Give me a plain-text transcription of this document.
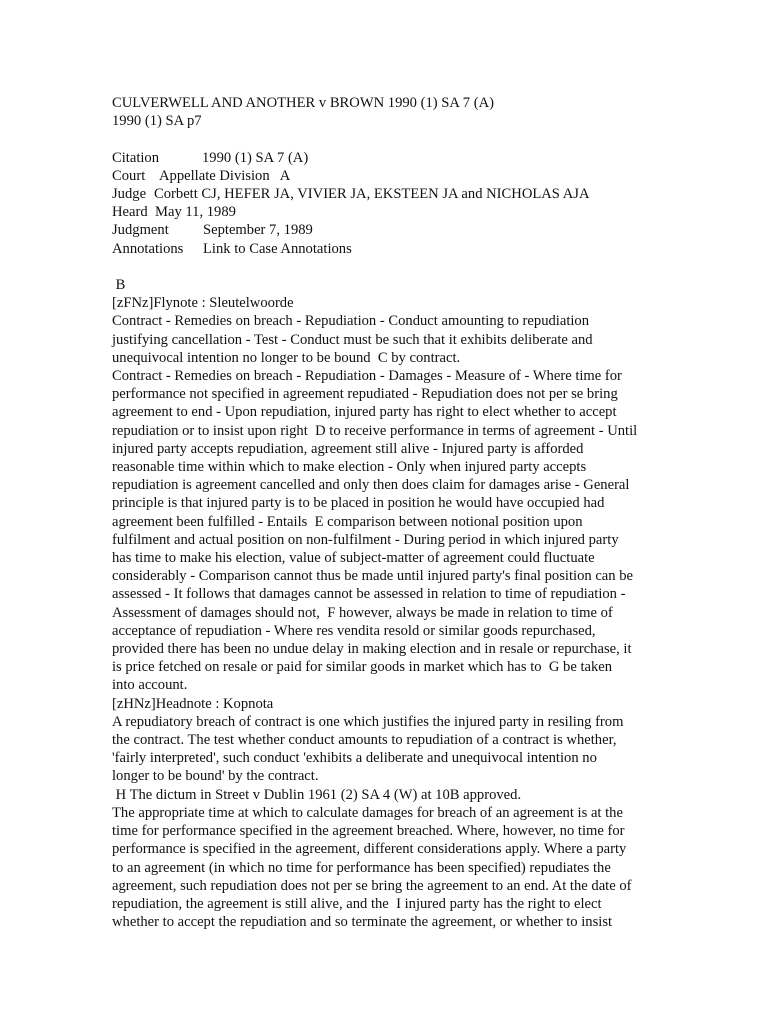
CULVERWELL AND ANOTHER v BROWN 1990 (1) SA 7 (A)
1990 (1) SA p7
Citation	1990 (1) SA 7 (A)
Court Appellate Division   A
Judge Corbett CJ, HEFER JA, VIVIER JA, EKSTEEN JA and NICHOLAS AJA
Heard May 11, 1989
Judgment	September 7, 1989
Annotations	Link to Case Annotations
B
[zFNz]Flynote : Sleutelwoorde
Contract - Remedies on breach - Repudiation - Conduct amounting to repudiation
justifying cancellation - Test - Conduct must be such that it exhibits deliberate and
unequivocal intention no longer to be bound  C by contract.
Contract - Remedies on breach - Repudiation - Damages - Measure of - Where time for
performance not specified in agreement repudiated - Repudiation does not per se bring
agreement to end - Upon repudiation, injured party has right to elect whether to accept
repudiation or to insist upon right  D to receive performance in terms of agreement - Until
injured party accepts repudiation, agreement still alive - Injured party is afforded
reasonable time within which to make election - Only when injured party accepts
repudiation is agreement cancelled and only then does claim for damages arise - General
principle is that injured party is to be placed in position he would have occupied had
agreement been fulfilled - Entails  E comparison between notional position upon
fulfilment and actual position on non-fulfilment - During period in which injured party
has time to make his election, value of subject-matter of agreement could fluctuate
considerably - Comparison cannot thus be made until injured party's final position can be
assessed - It follows that damages cannot be assessed in relation to time of repudiation -
Assessment of damages should not,  F however, always be made in relation to time of
acceptance of repudiation - Where res vendita resold or similar goods repurchased,
provided there has been no undue delay in making election and in resale or repurchase, it
is price fetched on resale or paid for similar goods in market which has to  G be taken
into account.
[zHNz]Headnote : Kopnota
A repudiatory breach of contract is one which justifies the injured party in resiling from
the contract. The test whether conduct amounts to repudiation of a contract is whether,
'fairly interpreted', such conduct 'exhibits a deliberate and unequivocal intention no
longer to be bound' by the contract.
H The dictum in Street v Dublin 1961 (2) SA 4 (W) at 10B approved.
The appropriate time at which to calculate damages for breach of an agreement is at the
time for performance specified in the agreement breached. Where, however, no time for
performance is specified in the agreement, different considerations apply. Where a party
to an agreement (in which no time for performance has been specified) repudiates the
agreement, such repudiation does not per se bring the agreement to an end. At the date of
repudiation, the agreement is still alive, and the  I injured party has the right to elect
whether to accept the repudiation and so terminate the agreement, or whether to insist
